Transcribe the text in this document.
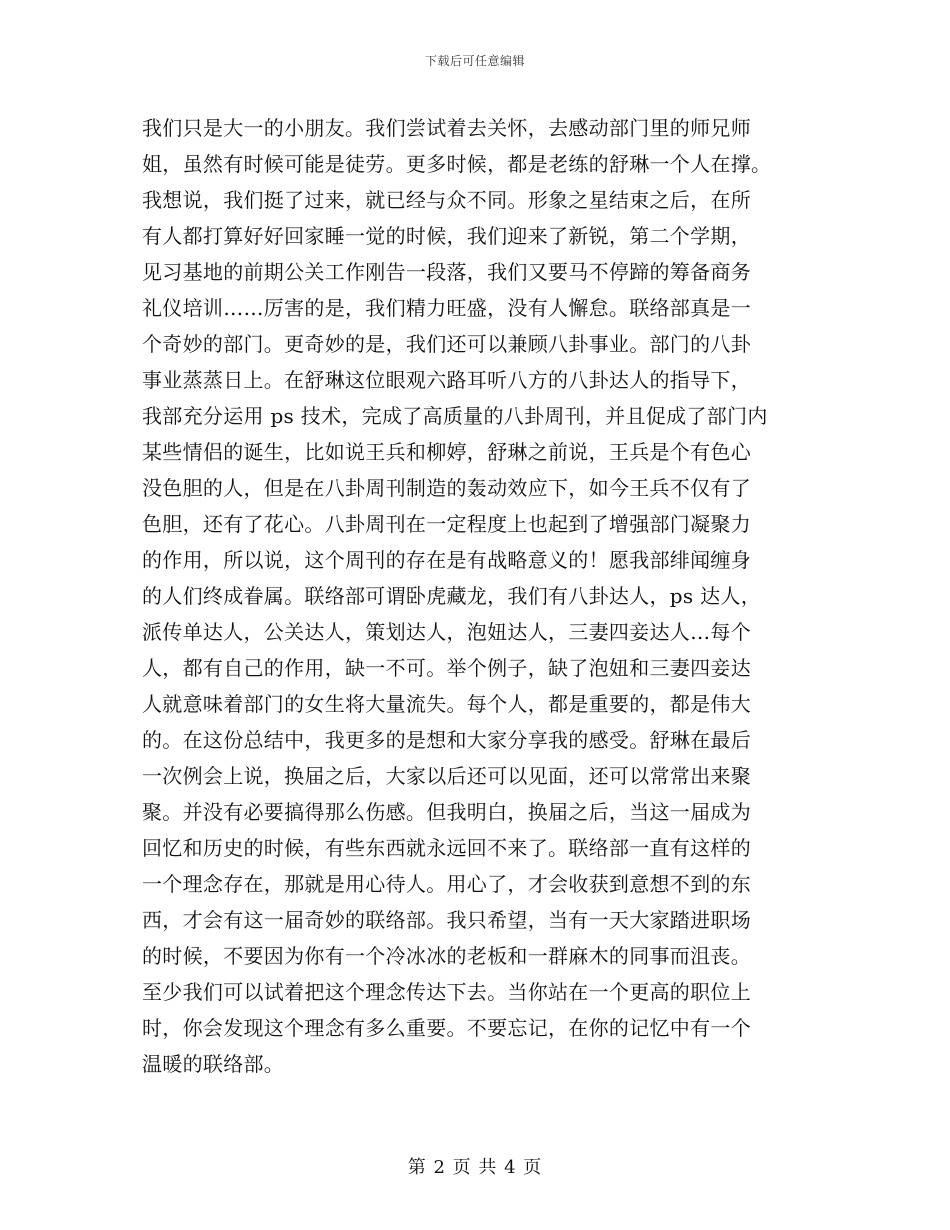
下载后可任意编辑
我们只是大一的小朋友。我们尝试着去关怀，去感动部门里的师兄师
姐，虽然有时候可能是徒劳。更多时候，都是老练的舒琳一个人在撑。
我想说，我们挺了过来，就已经与众不同。形象之星结束之后，在所
有人都打算好好回家睡一觉的时候，我们迎来了新锐，第二个学期，
见习基地的前期公关工作刚告一段落，我们又要马不停蹄的筹备商务
礼仪培训……厉害的是，我们精力旺盛，没有人懈怠。联络部真是一
个奇妙的部门。更奇妙的是，我们还可以兼顾八卦事业。部门的八卦
事业蒸蒸日上。在舒琳这位眼观六路耳听八方的八卦达人的指导下，
我部充分运用 ps 技术，完成了高质量的八卦周刊，并且促成了部门内
某些情侣的诞生，比如说王兵和柳婷，舒琳之前说，王兵是个有色心
没色胆的人，但是在八卦周刊制造的轰动效应下，如今王兵不仅有了
色胆，还有了花心。八卦周刊在一定程度上也起到了增强部门凝聚力
的作用，所以说，这个周刊的存在是有战略意义的！愿我部绯闻缠身
的人们终成眷属。联络部可谓卧虎藏龙，我们有八卦达人，ps 达人，
派传单达人，公关达人，策划达人，泡妞达人，三妻四妾达人…每个
人，都有自己的作用，缺一不可。举个例子，缺了泡妞和三妻四妾达
人就意味着部门的女生将大量流失。每个人，都是重要的，都是伟大
的。在这份总结中，我更多的是想和大家分享我的感受。舒琳在最后
一次例会上说，换届之后，大家以后还可以见面，还可以常常出来聚
聚。并没有必要搞得那么伤感。但我明白，换届之后，当这一届成为
回忆和历史的时候，有些东西就永远回不来了。联络部一直有这样的
一个理念存在，那就是用心待人。用心了，才会收获到意想不到的东
西，才会有这一届奇妙的联络部。我只希望，当有一天大家踏进职场
的时候，不要因为你有一个冷冰冰的老板和一群麻木的同事而沮丧。
至少我们可以试着把这个理念传达下去。当你站在一个更高的职位上
时，你会发现这个理念有多么重要。不要忘记，在你的记忆中有一个
温暖的联络部。
第 2 页 共 4 页
